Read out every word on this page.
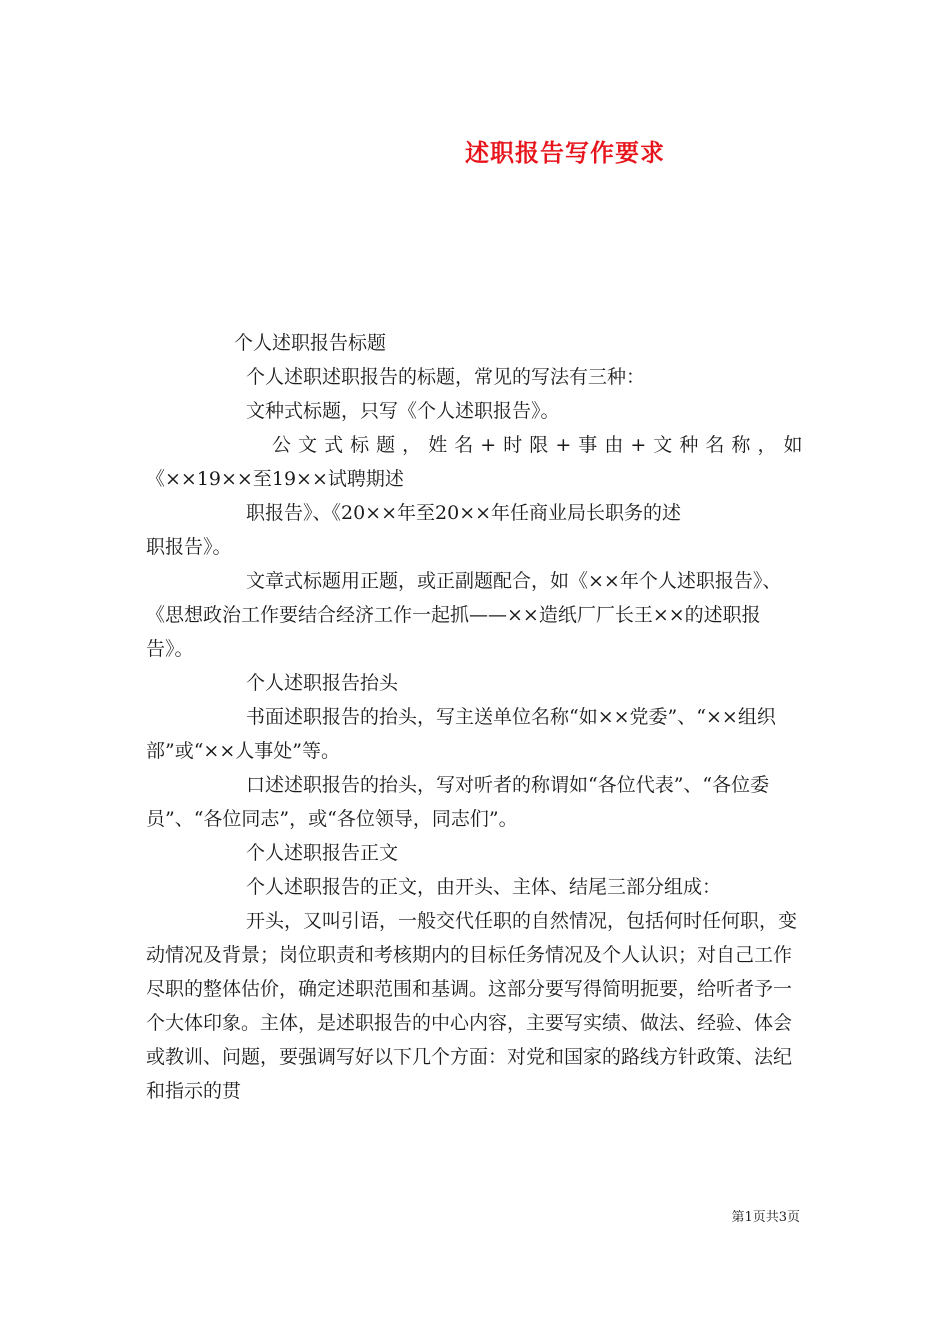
述职报告写作要求

个人述职报告标题

个人述职述职报告的标题，常见的写法有三种：

文种式标题，只写《个人述职报告》。

公文式标题，姓名+时限+事由+文种名称，如

《××19××至19××试聘期述

职报告》、《20××年至20××年任商业局长职务的述

职报告》。

文章式标题用正题，或正副题配合，如《××年个人述职报告》、《思想政治工作要结合经济工作一起抓——××造纸厂厂长王××的述职报告》。

个人述职报告抬头

书面述职报告的抬头，写主送单位名称“如××党委”、“××组织部”或“××人事处”等。

口述述职报告的抬头，写对听者的称谓如“各位代表”、“各位委员”、“各位同志”，或“各位领导，同志们”。

个人述职报告正文

个人述职报告的正文，由开头、主体、结尾三部分组成：

开头，又叫引语，一般交代任职的自然情况，包括何时任何职，变动情况及背景；岗位职责和考核期内的目标任务情况及个人认识；对自己工作尽职的整体估价，确定述职范围和基调。这部分要写得简明扼要，给听者予一个大体印象。主体，是述职报告的中心内容，主要写实绩、做法、经验、体会或教训、问题，要强调写好以下几个方面：对党和国家的路线方针政策、法纪和指示的贯

第1页共3页
